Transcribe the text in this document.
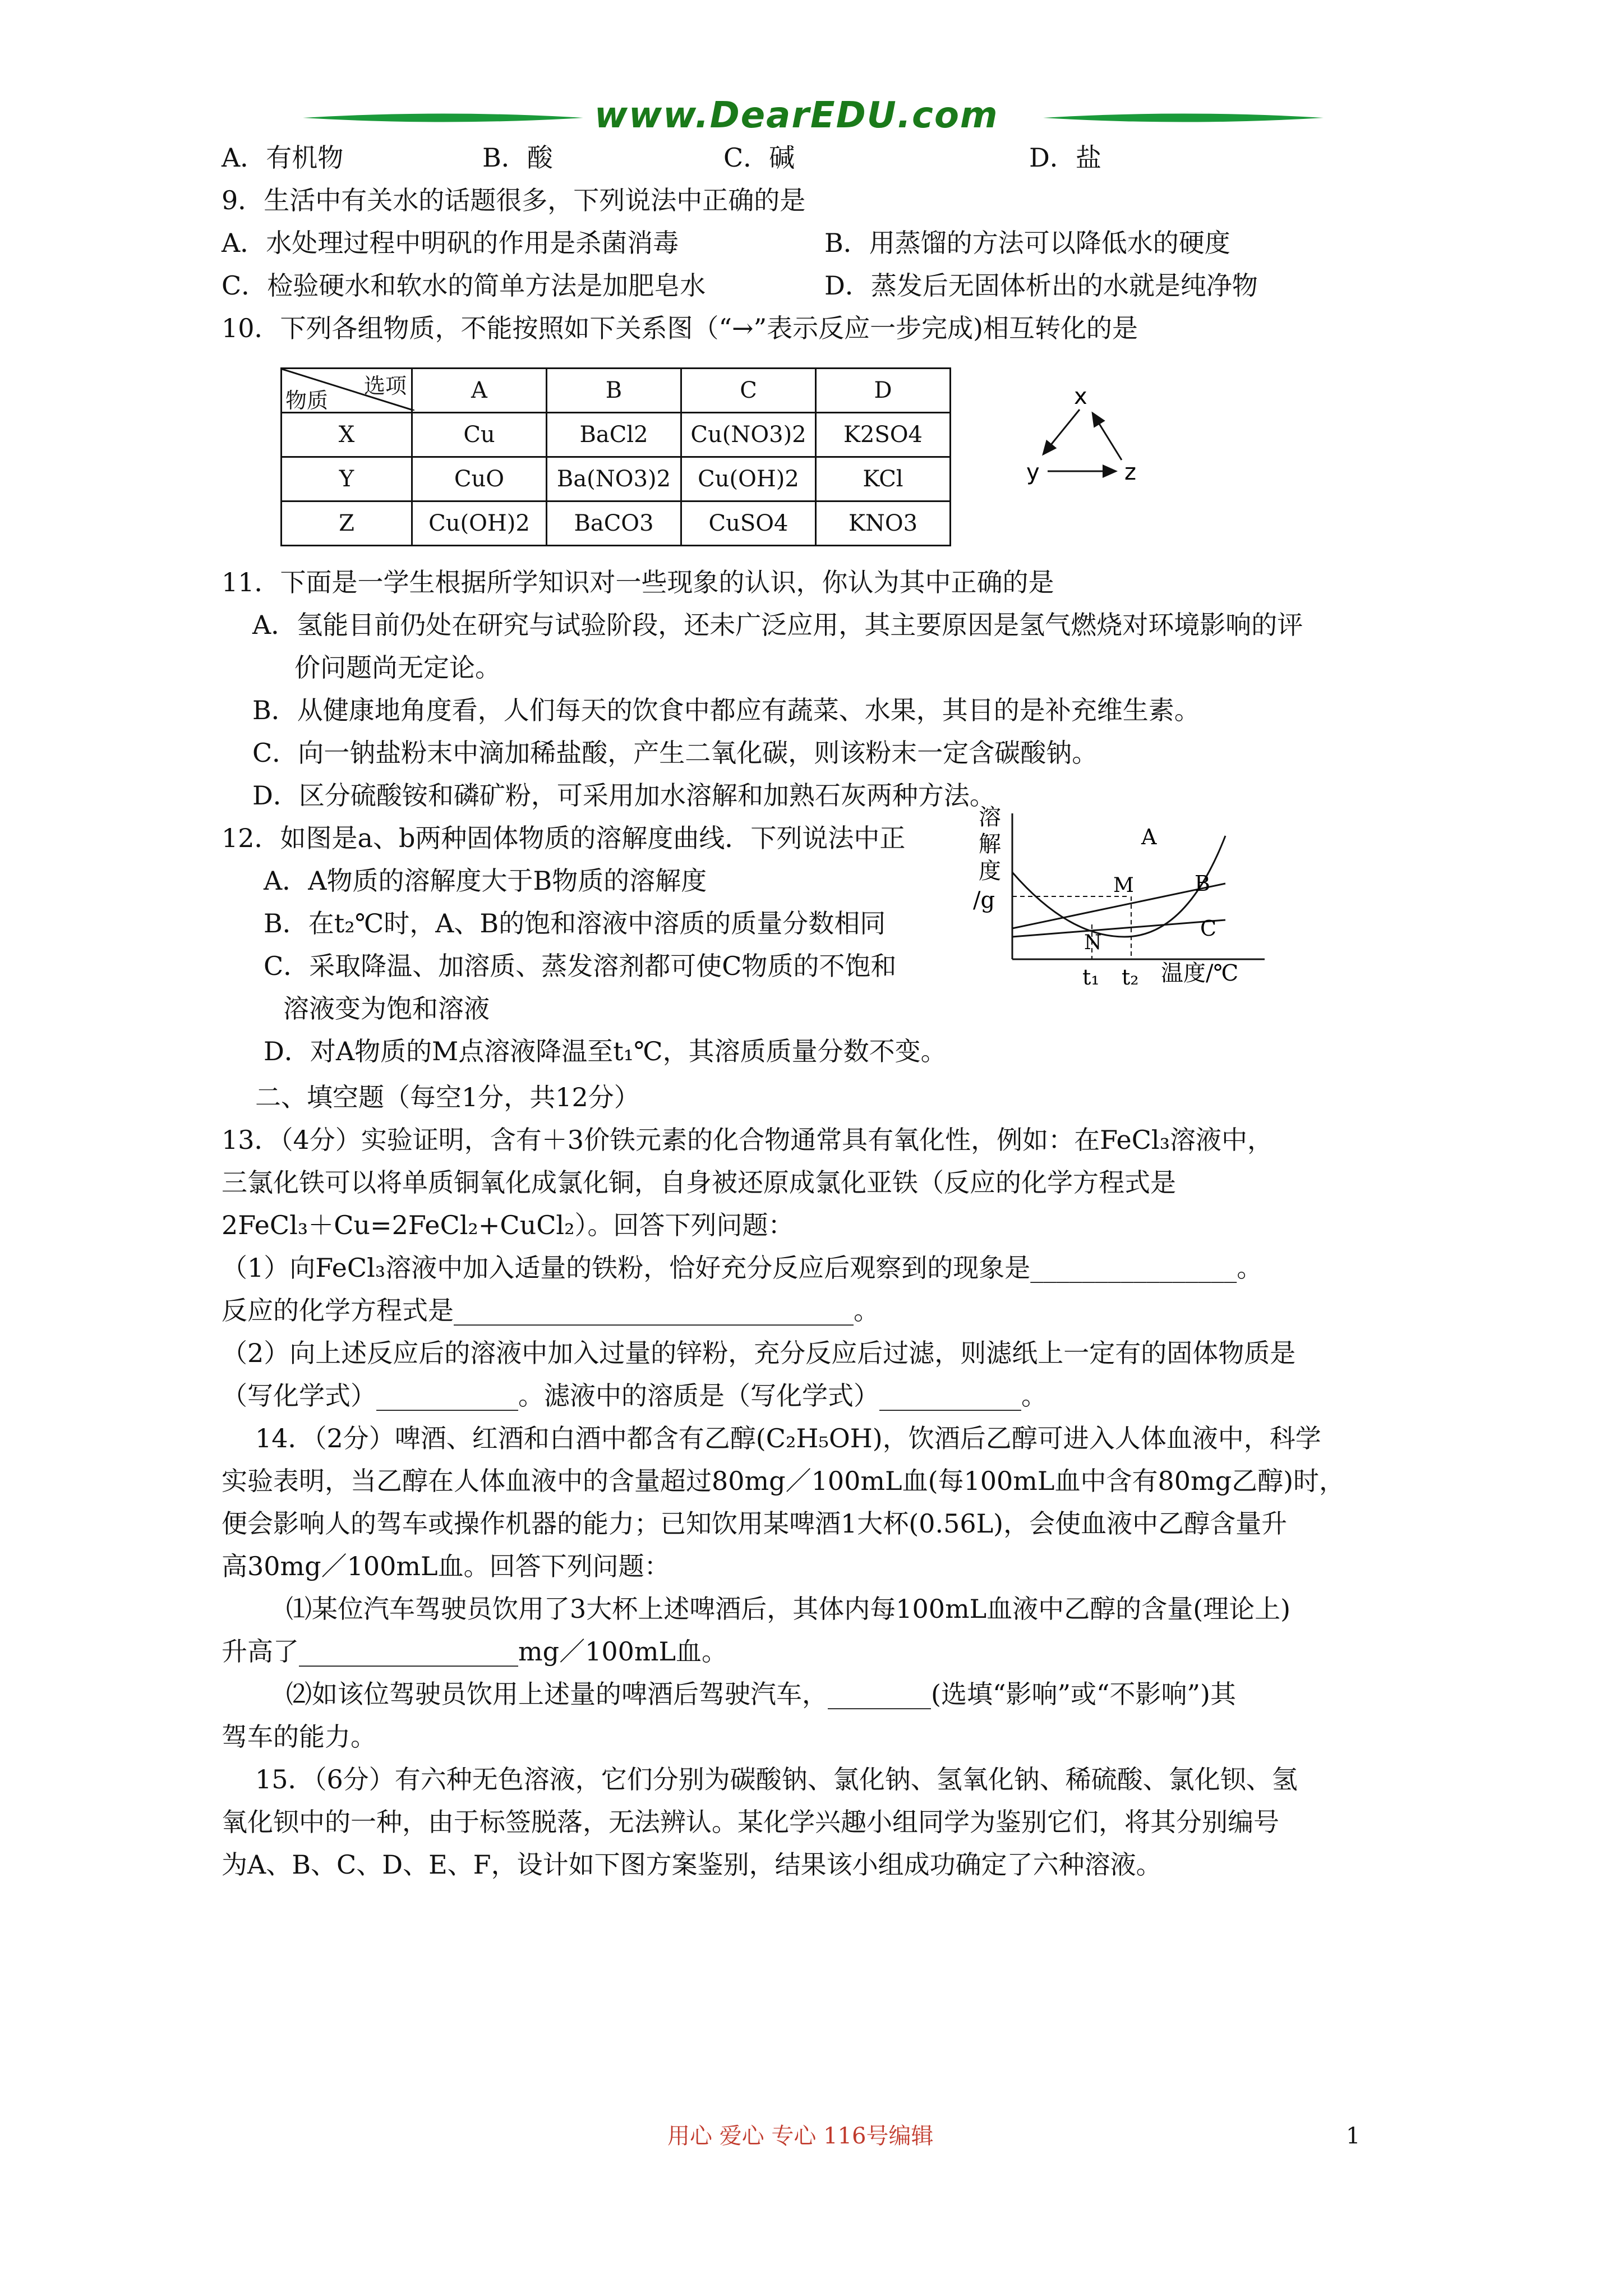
www.DearEDU.com
A．有机物	B．酸	C．碱	D．盐
9．生活中有关水的话题很多，下列说法中正确的是
A．水处理过程中明矾的作用是杀菌消毒	B．用蒸馏的方法可以降低水的硬度
C．检验硬水和软水的简单方法是加肥皂水	D．蒸发后无固体析出的水就是纯净物
10．下列各组物质，不能按照如下关系图（“→”表示反应一步完成)相互转化的是
选项
物质	A	B	C	D
X	Cu	BaCl2	Cu(NO3)2	K2SO4
Y	CuO	Ba(NO3)2	Cu(OH)2	KCl
Z	Cu(OH)2	BaCO3	CuSO4	KNO3
x
y	z
11．下面是一学生根据所学知识对一些现象的认识，你认为其中正确的是
A．氢能目前仍处在研究与试验阶段，还未广泛应用，其主要原因是氢气燃烧对环境影响的评
价问题尚无定论。
B．从健康地角度看，人们每天的饮食中都应有蔬菜、水果，其目的是补充维生素。
C．向一钠盐粉末中滴加稀盐酸，产生二氧化碳，则该粉末一定含碳酸钠。
D．区分硫酸铵和磷矿粉，可采用加水溶解和加熟石灰两种方法。
12．如图是a、b两种固体物质的溶解度曲线．下列说法中正
A．A物质的溶解度大于B物质的溶解度
B．在t₂℃时，A、B的饱和溶液中溶质的质量分数相同
C．采取降温、加溶质、蒸发溶剂都可使C物质的不饱和
溶液变为饱和溶液
D．对A物质的M点溶液降温至t₁℃，其溶质质量分数不变。
溶
解
度
/g
A
B
C
M
N
t₁ t₂ 温度/℃
二、填空题（每空1分，共12分）
13．（4分）实验证明，含有＋3价铁元素的化合物通常具有氧化性，例如：在FeCl₃溶液中，
三氯化铁可以将单质铜氧化成氯化铜，自身被还原成氯化亚铁（反应的化学方程式是
2FeCl₃＋Cu=2FeCl₂+CuCl₂）。回答下列问题：
（1）向FeCl₃溶液中加入适量的铁粉，恰好充分反应后观察到的现象是________________。
反应的化学方程式是_______________________________。
（2）向上述反应后的溶液中加入过量的锌粉，充分反应后过滤，则滤纸上一定有的固体物质是
（写化学式）___________。滤液中的溶质是（写化学式）___________。
14．（2分）啤酒、红酒和白酒中都含有乙醇(C₂H₅OH)，饮酒后乙醇可进入人体血液中，科学
实验表明，当乙醇在人体血液中的含量超过80mg／100mL血(每100mL血中含有80mg乙醇)时，
便会影响人的驾车或操作机器的能力；已知饮用某啤酒1大杯(0.56L)，会使血液中乙醇含量升
高30mg／100mL血。回答下列问题：
⑴某位汽车驾驶员饮用了3大杯上述啤酒后，其体内每100mL血液中乙醇的含量(理论上)
升高了_________________mg／100mL血。
⑵如该位驾驶员饮用上述量的啤酒后驾驶汽车，________(选填“影响”或“不影响”)其
驾车的能力。
15．（6分）有六种无色溶液，它们分别为碳酸钠、氯化钠、氢氧化钠、稀硫酸、氯化钡、氢
氧化钡中的一种，由于标签脱落，无法辨认。某化学兴趣小组同学为鉴别它们，将其分别编号
为A、B、C、D、E、F，设计如下图方案鉴别，结果该小组成功确定了六种溶液。
用心 爱心 专心 116号编辑	1
